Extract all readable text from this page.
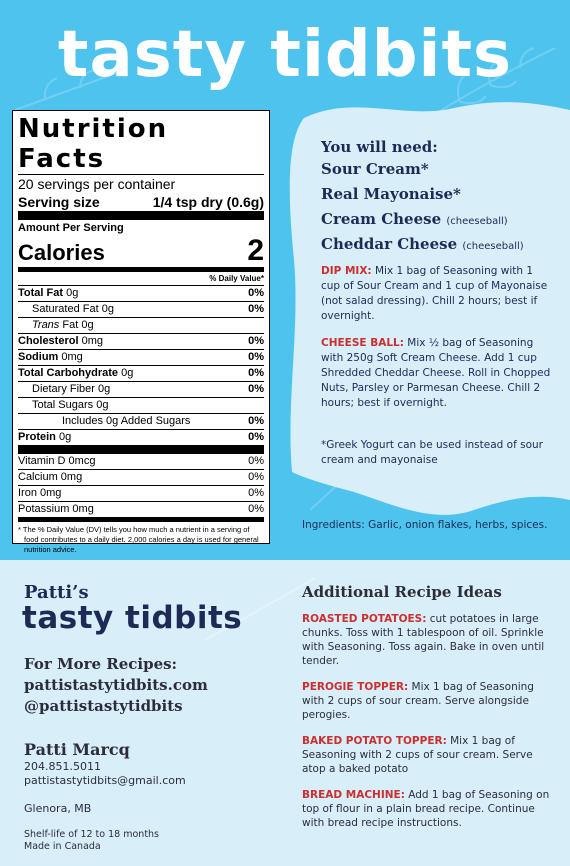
tasty tidbits
Nutrition Facts
20 servings per container
Serving size	1/4 tsp dry (0.6g)
Amount Per Serving
Calories	2
% Daily Value*
Total Fat 0g	0%
Saturated Fat 0g	0%
Trans Fat 0g
Cholesterol 0mg	0%
Sodium 0mg	0%
Total Carbohydrate 0g	0%
Dietary Fiber 0g	0%
Total Sugars 0g
Includes 0g Added Sugars	0%
Protein 0g	0%
Vitamin D 0mcg	0%
Calcium 0mg	0%
Iron 0mg	0%
Potassium 0mg	0%
* The % Daily Value (DV) tells you how much a nutrient in a serving of food contributes to a daily diet. 2,000 calories a day is used for general nutrition advice.
You will need:
Sour Cream*
Real Mayonaise*
Cream Cheese (cheeseball)
Cheddar Cheese (cheeseball)
DIP MIX: Mix 1 bag of Seasoning with 1 cup of Sour Cream and 1 cup of Mayonaise (not salad dressing). Chill 2 hours; best if overnight.
CHEESE BALL: Mix ½ bag of Seasoning with 250g Soft Cream Cheese. Add 1 cup Shredded Cheddar Cheese. Roll in Chopped Nuts, Parsley or Parmesan Cheese. Chill 2 hours; best if overnight.
*Greek Yogurt can be used instead of sour cream and mayonaise
Ingredients: Garlic, onion flakes, herbs, spices.
Patti’s
tasty tidbits
For More Recipes:
pattistastytidbits.com
@pattistastytidbits
Patti Marcq
204.851.5011
pattistastytidbits@gmail.com
Glenora, MB
Shelf-life of 12 to 18 months
Made in Canada
Additional Recipe Ideas
ROASTED POTATOES: cut potatoes in large chunks. Toss with 1 tablespoon of oil. Sprinkle with Seasoning. Toss again. Bake in oven until tender.
PEROGIE TOPPER: Mix 1 bag of Seasoning with 2 cups of sour cream. Serve alongside perogies.
BAKED POTATO TOPPER: Mix 1 bag of Seasoning with 2 cups of sour cream. Serve atop a baked potato
BREAD MACHINE: Add 1 bag of Seasoning on top of flour in a plain bread recipe. Continue with bread recipe instructions.
